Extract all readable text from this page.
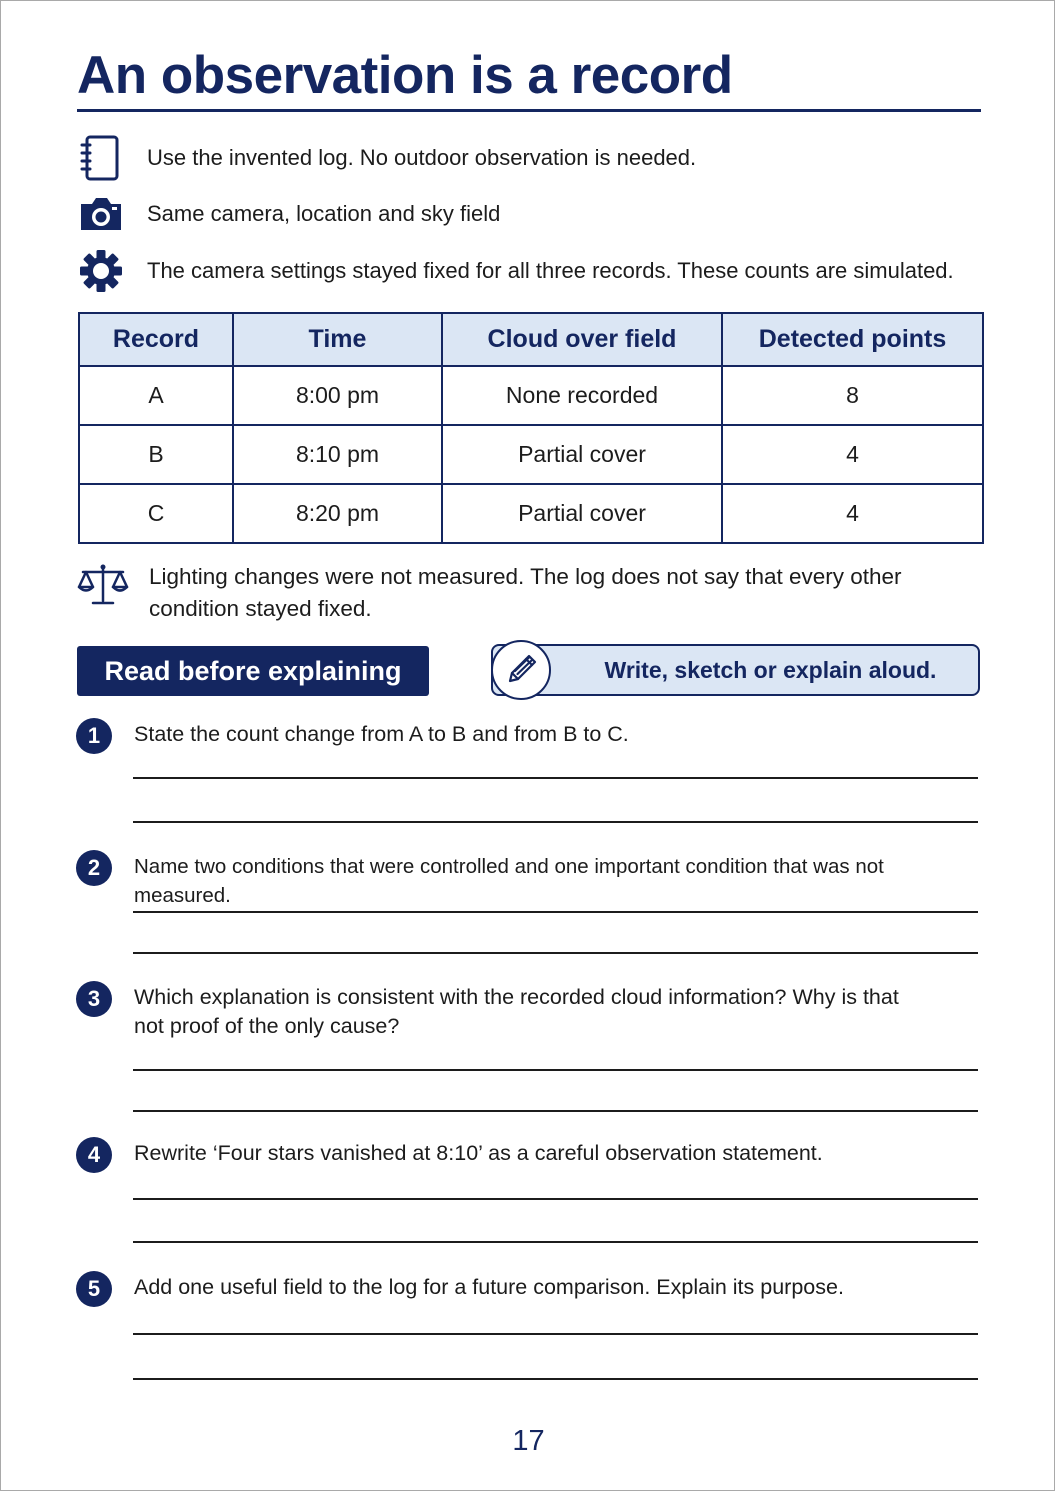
An observation is a record
Use the invented log. No outdoor observation is needed.
Same camera, location and sky field
The camera settings stayed fixed for all three records. These counts are simulated.
Record	Time	Cloud over field	Detected points
A	8:00 pm	None recorded	8
B	8:10 pm	Partial cover	4
C	8:20 pm	Partial cover	4
Lighting changes were not measured. The log does not say that every other condition stayed fixed.
Read before explaining	Write, sketch or explain aloud.
1	State the count change from A to B and from B to C.
2	Name two conditions that were controlled and one important condition that was not measured.
3	Which explanation is consistent with the recorded cloud information? Why is that not proof of the only cause?
4	Rewrite ‘Four stars vanished at 8:10’ as a careful observation statement.
5	Add one useful field to the log for a future comparison. Explain its purpose.
17
